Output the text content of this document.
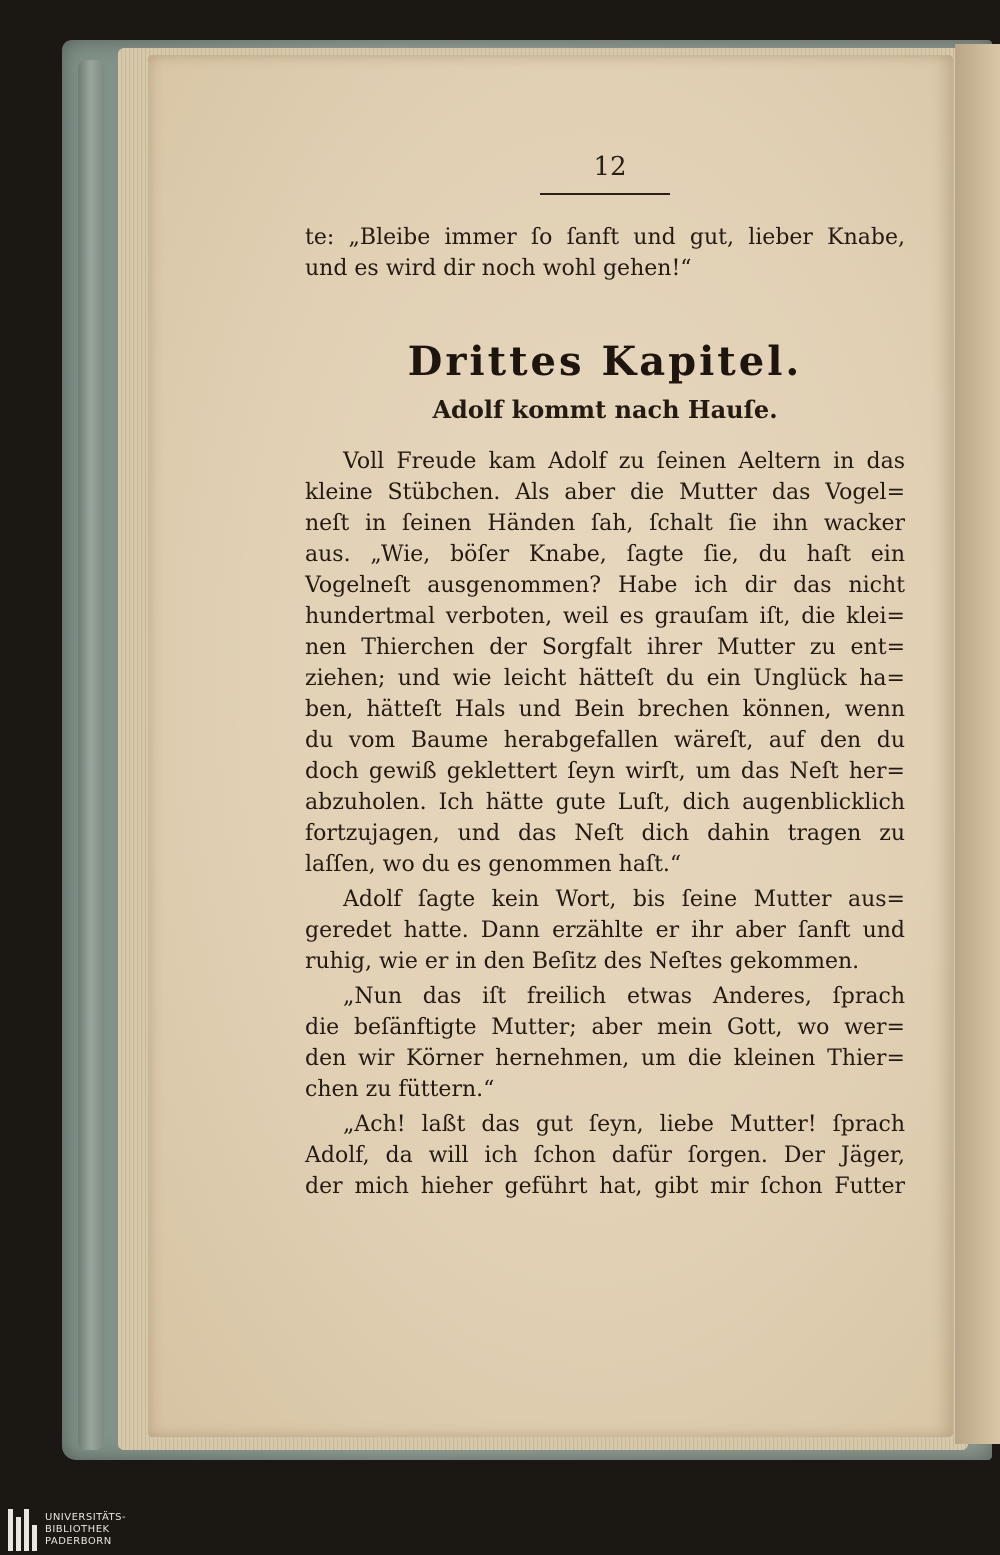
12
te: „Bleibe immer ſo ſanft und gut, lieber Knabe,
und es wird dir noch wohl gehen!“
Drittes Kapitel.
Adolf kommt nach Hauſe.
Voll Freude kam Adolf zu ſeinen Aeltern in das
kleine Stübchen. Als aber die Mutter das Vogel=
neſt in ſeinen Händen ſah, ſchalt ſie ihn wacker
aus. „Wie, böſer Knabe, ſagte ſie, du haſt ein
Vogelneſt ausgenommen? Habe ich dir das nicht
hundertmal verboten, weil es grauſam iſt, die klei=
nen Thierchen der Sorgfalt ihrer Mutter zu ent=
ziehen; und wie leicht hätteſt du ein Unglück ha=
ben, hätteſt Hals und Bein brechen können, wenn
du vom Baume herabgefallen wäreſt, auf den du
doch gewiß geklettert ſeyn wirſt, um das Neſt her=
abzuholen. Ich hätte gute Luſt, dich augenblicklich
fortzujagen, und das Neſt dich dahin tragen zu
laſſen, wo du es genommen haſt.“
Adolf ſagte kein Wort, bis ſeine Mutter aus=
geredet hatte. Dann erzählte er ihr aber ſanft und
ruhig, wie er in den Beſitz des Neſtes gekommen.
„Nun das iſt freilich etwas Anderes, ſprach
die beſänftigte Mutter; aber mein Gott, wo wer=
den wir Körner hernehmen, um die kleinen Thier=
chen zu füttern.“
„Ach! laßt das gut ſeyn, liebe Mutter! ſprach
Adolf, da will ich ſchon dafür ſorgen. Der Jäger,
der mich hieher geführt hat, gibt mir ſchon Futter
UNIVERSITÄTS-
BIBLIOTHEK
PADERBORN
